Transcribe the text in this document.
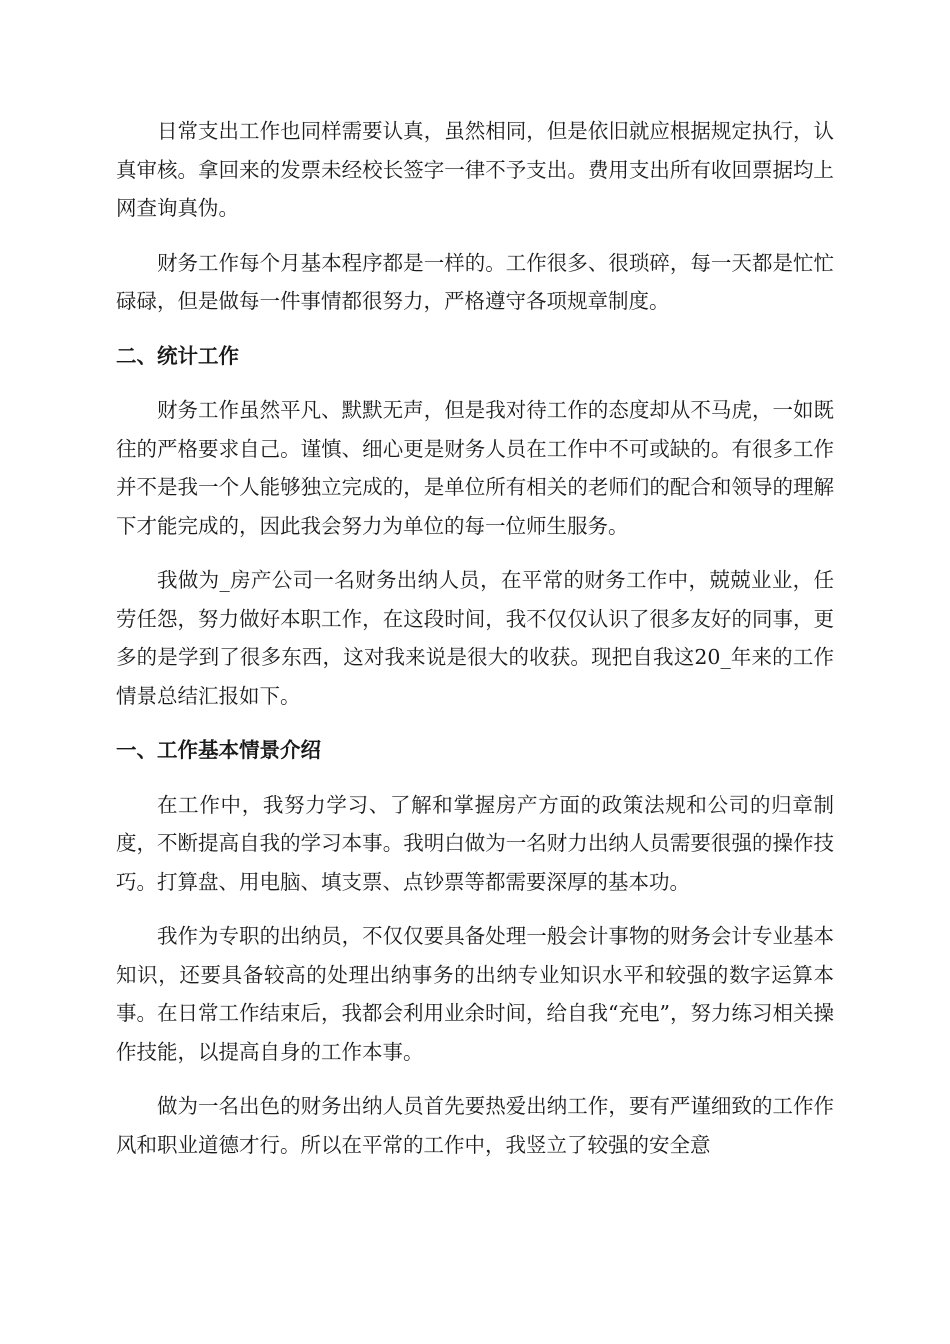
日常支出工作也同样需要认真，虽然相同，但是依旧就应根据规定执行，认真审核。拿回来的发票未经校长签字一律不予支出。费用支出所有收回票据均上网查询真伪。

财务工作每个月基本程序都是一样的。工作很多、很琐碎，每一天都是忙忙碌碌，但是做每一件事情都很努力，严格遵守各项规章制度。

二、统计工作

财务工作虽然平凡、默默无声，但是我对待工作的态度却从不马虎，一如既往的严格要求自己。谨慎、细心更是财务人员在工作中不可或缺的。有很多工作并不是我一个人能够独立完成的，是单位所有相关的老师们的配合和领导的理解下才能完成的，因此我会努力为单位的每一位师生服务。

我做为_房产公司一名财务出纳人员，在平常的财务工作中，兢兢业业，任劳任怨，努力做好本职工作，在这段时间，我不仅仅认识了很多友好的同事，更多的是学到了很多东西，这对我来说是很大的收获。现把自我这20_年来的工作情景总结汇报如下。

一、工作基本情景介绍

在工作中，我努力学习、了解和掌握房产方面的政策法规和公司的归章制度，不断提高自我的学习本事。我明白做为一名财力出纳人员需要很强的操作技巧。打算盘、用电脑、填支票、点钞票等都需要深厚的基本功。

我作为专职的出纳员，不仅仅要具备处理一般会计事物的财务会计专业基本知识，还要具备较高的处理出纳事务的出纳专业知识水平和较强的数字运算本事。在日常工作结束后，我都会利用业余时间，给自我“充电”，努力练习相关操作技能，以提高自身的工作本事。

做为一名出色的财务出纳人员首先要热爱出纳工作，要有严谨细致的工作作风和职业道德才行。所以在平常的工作中，我竖立了较强的安全意
